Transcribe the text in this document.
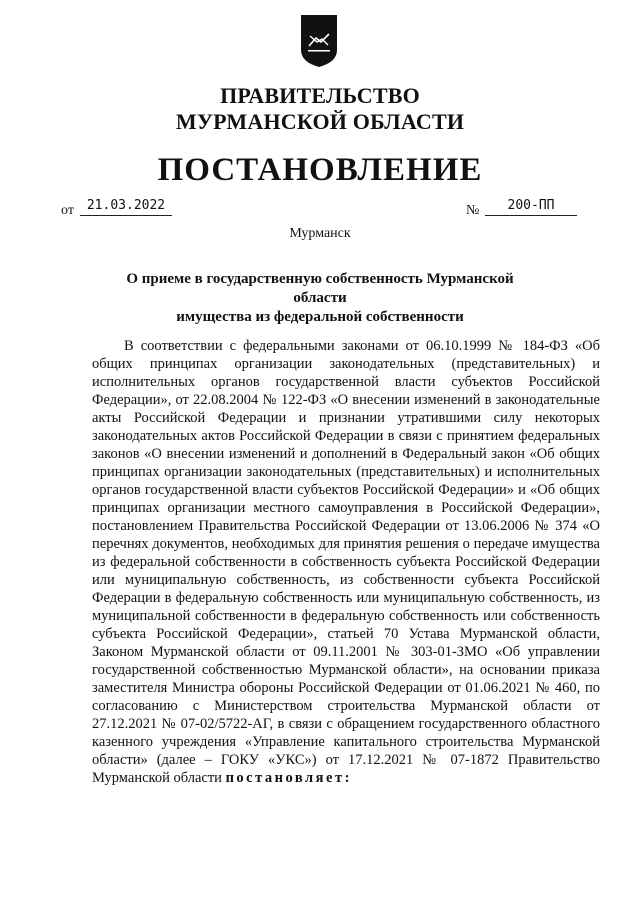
ПРАВИТЕЛЬСТВО
МУРМАНСКОЙ ОБЛАСТИ
ПОСТАНОВЛЕНИЕ
от 21.03.2022	№	200-ПП
Мурманск
О приеме в государственную собственность Мурманской области
имущества из федеральной собственности

В соответствии с федеральными законами от 06.10.1999 № 184-ФЗ «Об общих принципах организации законодательных (представительных) и исполнительных органов государственной власти субъектов Российской Федерации», от 22.08.2004 № 122-ФЗ «О внесении изменений в законодательные акты Российской Федерации и признании утратившими силу некоторых законодательных актов Российской Федерации в связи с принятием федеральных законов «О внесении изменений и дополнений в Федеральный закон «Об общих принципах организации законодательных (представительных) и исполнительных органов государственной власти субъектов Российской Федерации» и «Об общих принципах организации местного самоуправления в Российской Федерации», постановлением Правительства Российской Федерации от 13.06.2006 № 374 «О перечнях документов, необходимых для принятия решения о передаче имущества из федеральной собственности в собственность субъекта Российской Федерации или муниципальную собственность, из собственности субъекта Российской Федерации в федеральную собственность или муниципальную собственность, из муниципальной собственности в федеральную собственность или собственность субъекта Российской Федерации», статьей 70 Устава Мурманской области, Законом Мурманской области от 09.11.2001 № 303-01-ЗМО «Об управлении государственной собственностью Мурманской области», на основании приказа заместителя Министра обороны Российской Федерации от 01.06.2021 № 460, по согласованию с Министерством строительства Мурманской области от 27.12.2021 № 07-02/5722-АГ, в связи с обращением государственного областного казенного учреждения «Управление капитального строительства Мурманской области» (далее – ГОКУ «УКС») от 17.12.2021 № 07-1872 Правительство Мурманской области постановляет:
